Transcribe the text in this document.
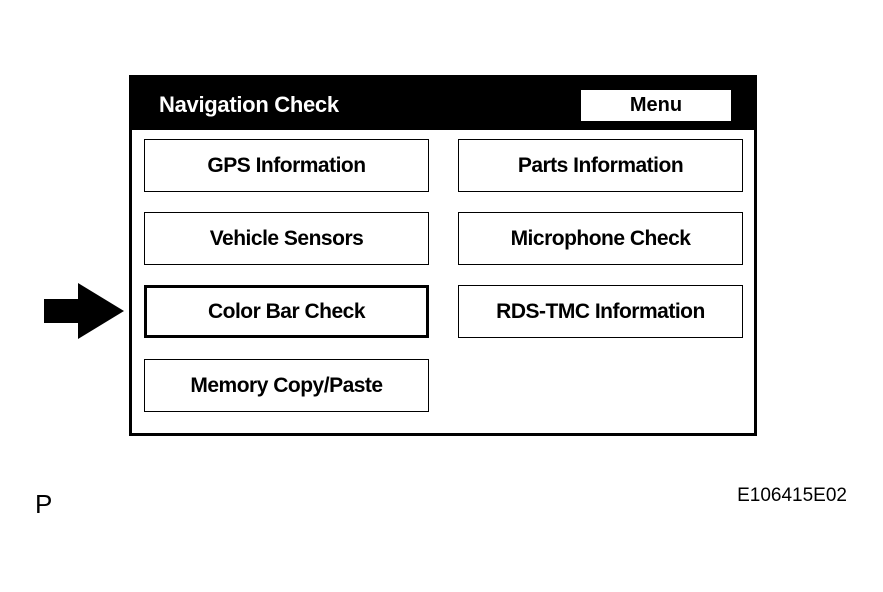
Navigation Check	Menu
GPS Information	Parts Information
Vehicle Sensors	Microphone Check
Color Bar Check	RDS-TMC Information
Memory Copy/Paste
P	E106415E02
